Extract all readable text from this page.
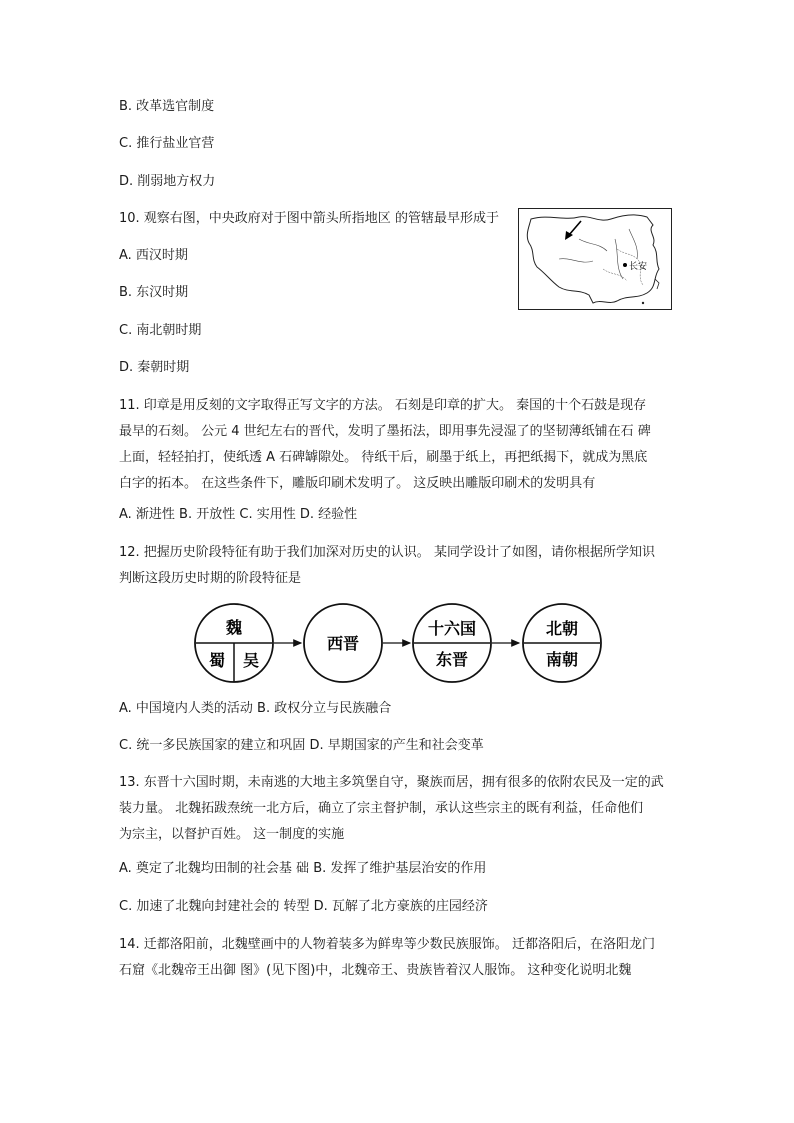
B. 改革选官制度
C. 推行盐业官营
D. 削弱地方权力
10. 观察右图，中央政府对于图中箭头所指地区 的管辖最早形成于
A. 西汉时期
B. 东汉时期
C. 南北朝时期
D. 秦朝时期
长安
11. 印章是用反刻的文字取得正写文字的方法。 石刻是印章的扩大。 秦国的十个石鼓是现存
最早的石刻。 公元 4 世纪左右的晋代，发明了墨拓法，即用事先浸湿了的坚韧薄纸铺在石 碑
上面，轻轻拍打，使纸透 A 石碑罅隙处。 待纸干后，刷墨于纸上，再把纸揭下，就成为黑底
白字的拓本。 在这些条件下，雕版印刷术发明了。 这反映出雕版印刷术的发明具有
A. 渐进性 B. 开放性 C. 实用性 D. 经验性
12. 把握历史阶段特征有助于我们加深对历史的认识。 某同学设计了如图，请你根据所学知识
判断这段历史时期的阶段特征是
魏
蜀 吴
西晋
十六国
东晋
北朝
南朝
A. 中国境内人类的活动 B. 政权分立与民族融合
C. 统一多民族国家的建立和巩固 D. 早期国家的产生和社会变革
13. 东晋十六国时期，未南逃的大地主多筑堡自守，聚族而居，拥有很多的依附农民及一定的武
装力量。 北魏拓跋焘统一北方后，确立了宗主督护制，承认这些宗主的既有利益，任命他们
为宗主，以督护百姓。 这一制度的实施
A. 奠定了北魏均田制的社会基 础 B. 发挥了维护基层治安的作用
C. 加速了北魏向封建社会的 转型 D. 瓦解了北方豪族的庄园经济
14. 迁都洛阳前，北魏壁画中的人物着装多为鲜卑等少数民族服饰。 迁都洛阳后，在洛阳龙门
石窟《北魏帝王出御 图》(见下图)中，北魏帝王、贵族皆着汉人服饰。 这种变化说明北魏
